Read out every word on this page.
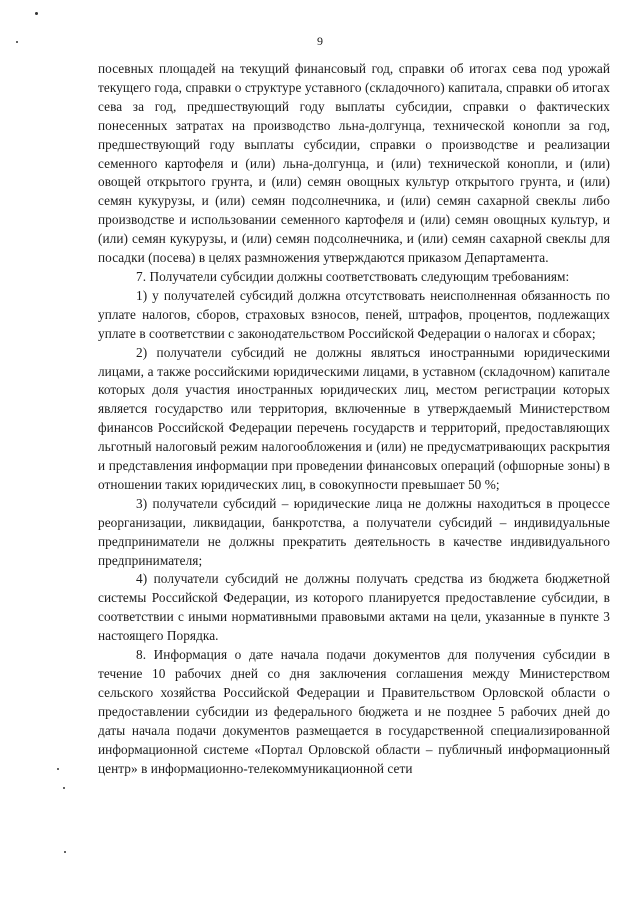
9

посевных площадей на текущий финансовый год, справки об итогах сева под урожай текущего года, справки о структуре уставного (складочного) капитала, справки об итогах сева за год, предшествующий году выплаты субсидии, справки о фактических понесенных затратах на производство льна-долгунца, технической конопли за год, предшествующий году выплаты субсидии, справки о производстве и реализации семенного картофеля и (или) льна-долгунца, и (или) технической конопли, и (или) овощей открытого грунта, и (или) семян овощных культур открытого грунта, и (или) семян кукурузы, и (или) семян подсолнечника, и (или) семян сахарной свеклы либо производстве и использовании семенного картофеля и (или) семян овощных культур, и (или) семян кукурузы, и (или) семян подсолнечника, и (или) семян сахарной свеклы для посадки (посева) в целях размножения утверждаются приказом Департамента.

7. Получатели субсидии должны соответствовать следующим требованиям:

1) у получателей субсидий должна отсутствовать неисполненная обязанность по уплате налогов, сборов, страховых взносов, пеней, штрафов, процентов, подлежащих уплате в соответствии с законодательством Российской Федерации о налогах и сборах;

2) получатели субсидий не должны являться иностранными юридическими лицами, а также российскими юридическими лицами, в уставном (складочном) капитале которых доля участия иностранных юридических лиц, местом регистрации которых является государство или территория, включенные в утверждаемый Министерством финансов Российской Федерации перечень государств и территорий, предоставляющих льготный налоговый режим налогообложения и (или) не предусматривающих раскрытия и представления информации при проведении финансовых операций (офшорные зоны) в отношении таких юридических лиц, в совокупности превышает 50 %;

3) получатели субсидий – юридические лица не должны находиться в процессе реорганизации, ликвидации, банкротства, а получатели субсидий – индивидуальные предприниматели не должны прекратить деятельность в качестве индивидуального предпринимателя;

4) получатели субсидий не должны получать средства из бюджета бюджетной системы Российской Федерации, из которого планируется предоставление субсидии, в соответствии с иными нормативными правовыми актами на цели, указанные в пункте 3 настоящего Порядка.

8. Информация о дате начала подачи документов для получения субсидии в течение 10 рабочих дней со дня заключения соглашения между Министерством сельского хозяйства Российской Федерации и Правительством Орловской области о предоставлении субсидии из федерального бюджета и не позднее 5 рабочих дней до даты начала подачи документов размещается в государственной специализированной информационной системе «Портал Орловской области – публичный информационный центр» в информационно-телекоммуникационной сети
